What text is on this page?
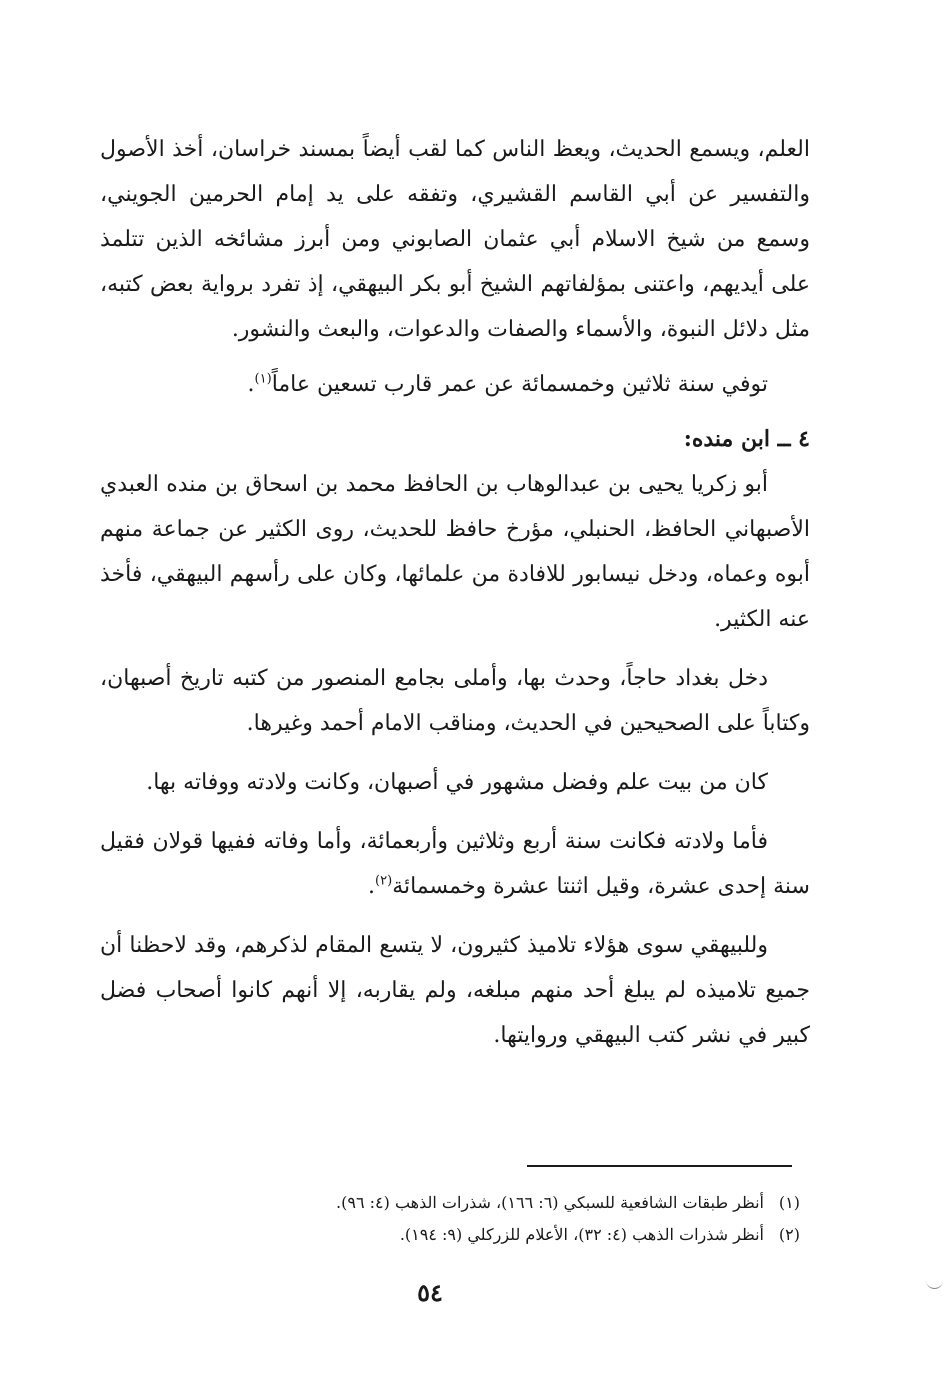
العلم، ويسمع الحديث، ويعظ الناس كما لقب أيضاً بمسند خراسان، أخذ الأصول والتفسير عن أبي القاسم القشيري، وتفقه على يد إمام الحرمين الجويني، وسمع من شيخ الاسلام أبي عثمان الصابوني ومن أبرز مشائخه الذين تتلمذ على أيديهم، واعتنى بمؤلفاتهم الشيخ أبو بكر البيهقي، إذ تفرد برواية بعض كتبه، مثل دلائل النبوة، والأسماء والصفات والدعوات، والبعث والنشور.

توفي سنة ثلاثين وخمسمائة عن عمر قارب تسعين عاماً$^{(١)}$.

٤ ــ ابن منده:

أبو زكريا يحيى بن عبدالوهاب بن الحافظ محمد بن اسحاق بن منده العبدي الأصبهاني الحافظ، الحنبلي، مؤرخ حافظ للحديث، روى الكثير عن جماعة منهم أبوه وعماه، ودخل نيسابور للافادة من علمائها، وكان على رأسهم البيهقي، فأخذ عنه الكثير.

دخل بغداد حاجاً، وحدث بها، وأملى بجامع المنصور من كتبه تاريخ أصبهان، وكتاباً على الصحيحين في الحديث، ومناقب الامام أحمد وغيرها.

كان من بيت علم وفضل مشهور في أصبهان، وكانت ولادته ووفاته بها.

فأما ولادته فكانت سنة أربع وثلاثين وأربعمائة، وأما وفاته ففيها قولان فقيل سنة إحدى عشرة، وقيل اثنتا عشرة وخمسمائة$^{(٢)}$.

وللبيهقي سوى هؤلاء تلاميذ كثيرون، لا يتسع المقام لذكرهم، وقد لاحظنا أن جميع تلاميذه لم يبلغ أحد منهم مبلغه، ولم يقاربه، إلا أنهم كانوا أصحاب فضل كبير في نشر كتب البيهقي وروايتها.

(١)
أنظر طبقات الشافعية للسبكي (٦: ١٦٦)، شذرات الذهب (٤: ٩٦).

(٢)
أنظر شذرات الذهب (٤: ٣٢)، الأعلام للزركلي (٩: ١٩٤).

٥٤
